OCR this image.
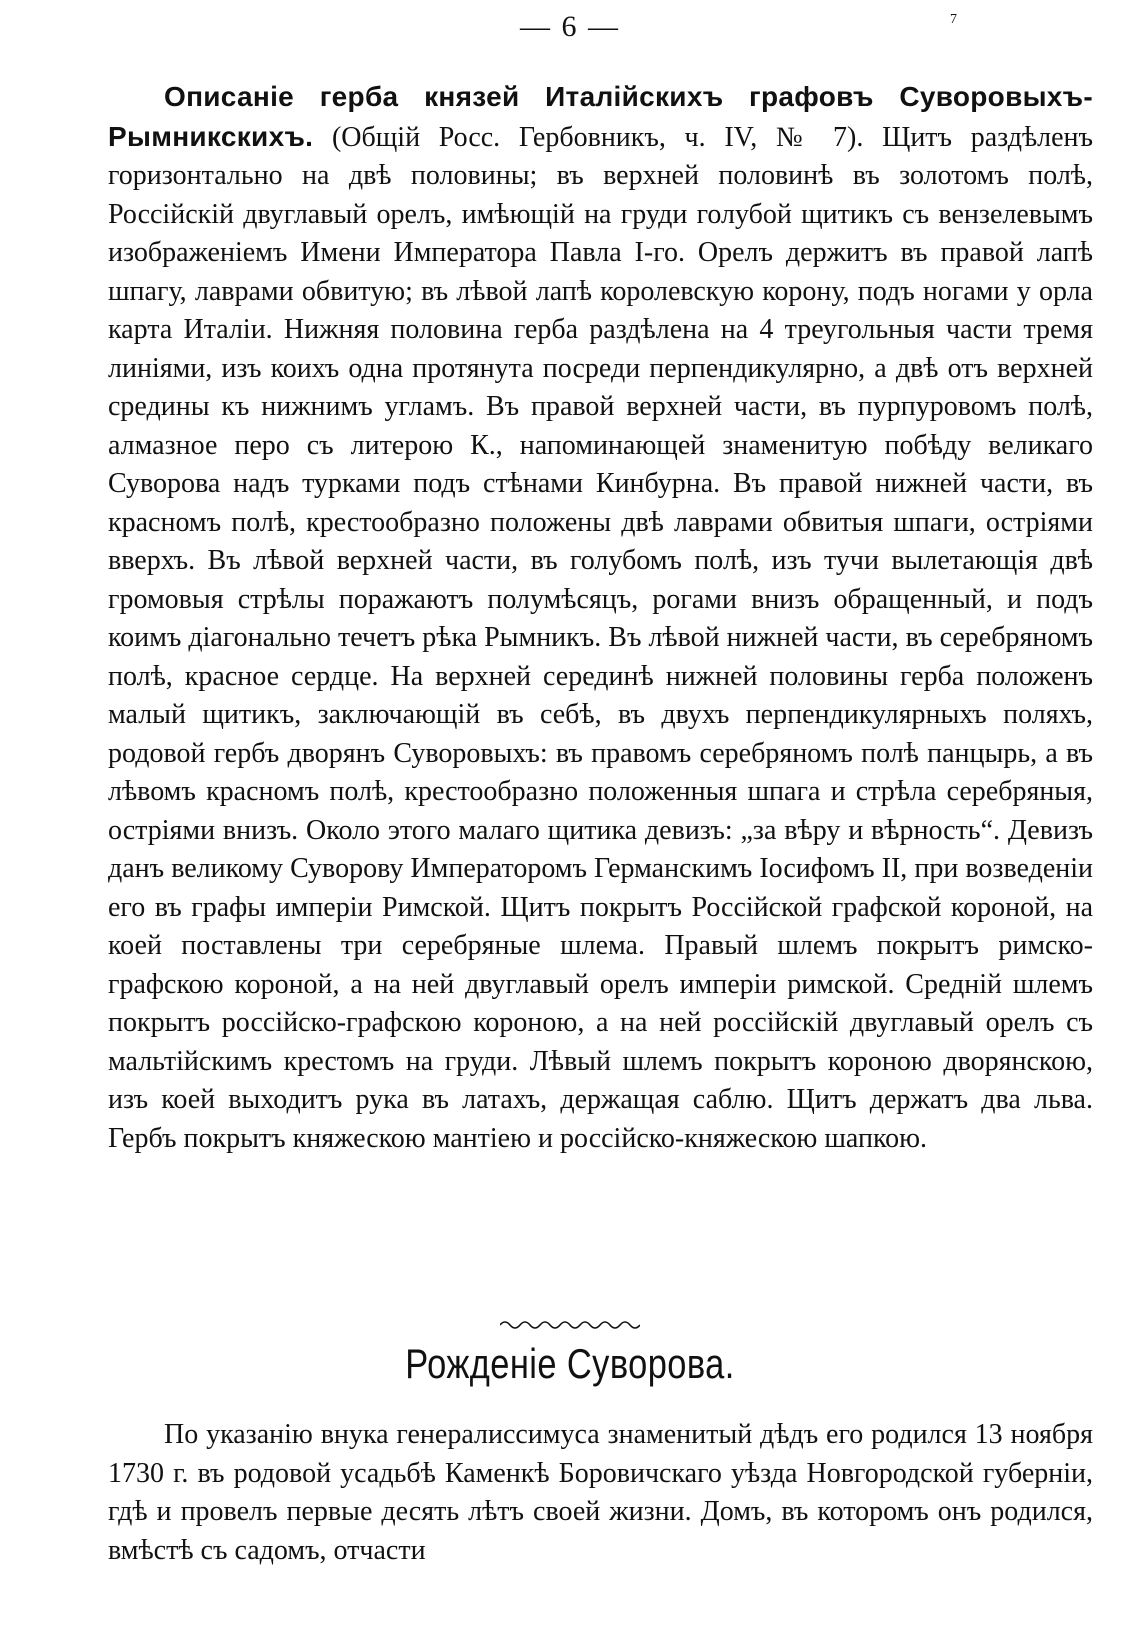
— 6 —	7
Описаніе герба князей Италійскихъ графовъ Суворовыхъ-Рымникскихъ. (Общій Росс. Гербовникъ, ч. IV, № 7). Щитъ раздѣленъ горизонтально на двѣ половины; въ верхней половинѣ въ золотомъ полѣ, Россійскій двуглавый орелъ, имѣющій на груди голубой щитикъ съ вензелевымъ изображеніемъ Имени Императора Павла I-го. Орелъ держитъ въ правой лапѣ шпагу, лаврами обвитую; въ лѣвой лапѣ королевскую корону, подъ ногами у орла карта Италіи. Нижняя половина герба раздѣлена на 4 треугольныя части тремя линіями, изъ коихъ одна протянута посреди перпендикулярно, а двѣ отъ верхней средины къ нижнимъ угламъ. Въ правой верхней части, въ пурпуровомъ полѣ, алмазное перо съ литерою К., напоминающей знаменитую побѣду великаго Суворова надъ турками подъ стѣнами Кинбурна. Въ правой нижней части, въ красномъ полѣ, крестообразно положены двѣ лаврами обвитыя шпаги, остріями вверхъ. Въ лѣвой верхней части, въ голубомъ полѣ, изъ тучи вылетающія двѣ громовыя стрѣлы поражаютъ полумѣсяцъ, рогами внизъ обращенный, и подъ коимъ діагонально течетъ рѣка Рымникъ. Въ лѣвой нижней части, въ серебряномъ полѣ, красное сердце. На верхней серединѣ нижней половины герба положенъ малый щитикъ, заключающій въ себѣ, въ двухъ перпендикулярныхъ поляхъ, родовой гербъ дворянъ Суворовыхъ: въ правомъ серебряномъ полѣ панцырь, а въ лѣвомъ красномъ полѣ, крестообразно положенныя шпага и стрѣла серебряныя, остріями внизъ. Около этого малаго щитика девизъ: „за вѣру и вѣрность“. Девизъ данъ великому Суворову Императоромъ Германскимъ Іосифомъ II, при возведеніи его въ графы имперіи Римской. Щитъ покрытъ Россійской графской короной, на коей поставлены три серебряные шлема. Правый шлемъ покрытъ римско-графскою короной, а на ней двуглавый орелъ имперіи римской. Средній шлемъ покрытъ россійско-графскою короною, а на ней россійскій двуглавый орелъ съ мальтійскимъ крестомъ на груди. Лѣвый шлемъ покрытъ короною дворянскою, изъ коей выходитъ рука въ латахъ, держащая саблю. Щитъ держатъ два льва. Гербъ покрытъ княжескою мантіею и россійско-княжескою шапкою.
Рожденіе Суворова.
По указанію внука генералиссимуса знаменитый дѣдъ его родился 13 ноября 1730 г. въ родовой усадьбѣ Каменкѣ Боровичскаго уѣзда Новгородской губерніи, гдѣ и провелъ первые десять лѣтъ своей жизни. Домъ, въ которомъ онъ родился, вмѣстѣ съ садомъ, отчасти
